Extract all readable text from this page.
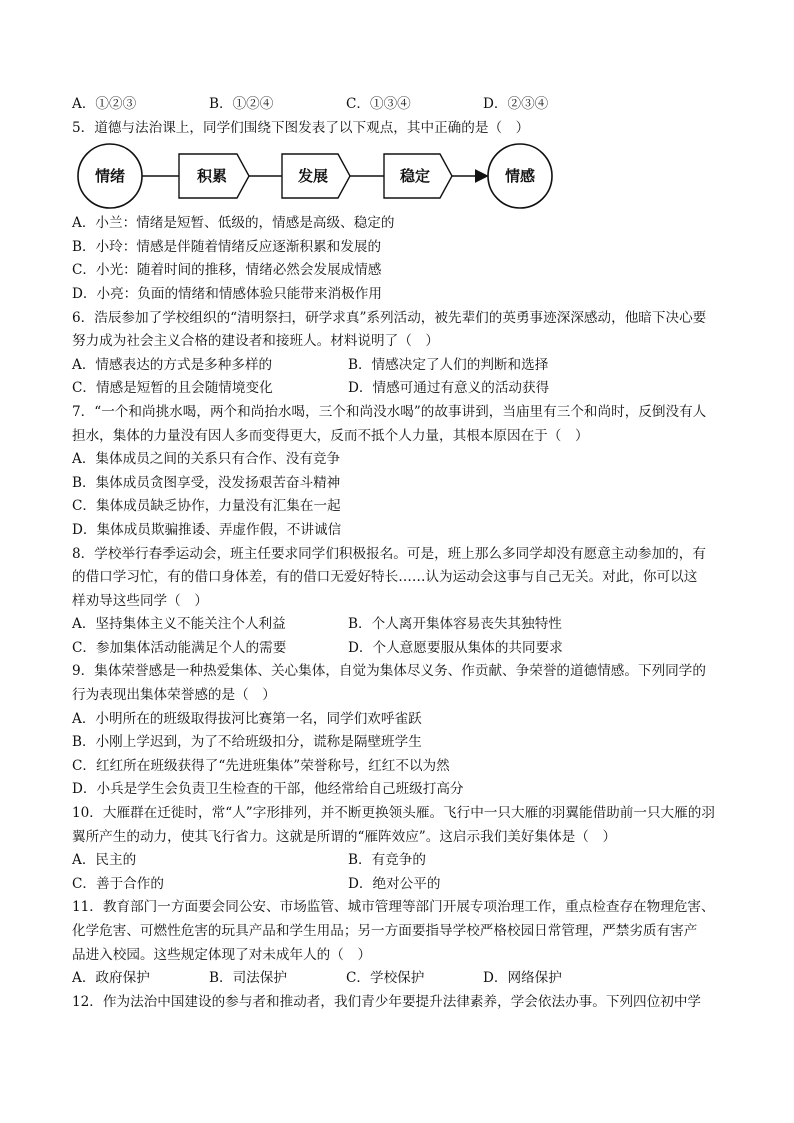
A．①②③	B．①②④	C．①③④	D．②③④
5．道德与法治课上，同学们围绕下图发表了以下观点，其中正确的是（　）
情绪	积累	发展	稳定	情感
A．小兰：情绪是短暂、低级的，情感是高级、稳定的
B．小玲：情感是伴随着情绪反应逐渐积累和发展的
C．小光：随着时间的推移，情绪必然会发展成情感
D．小亮：负面的情绪和情感体验只能带来消极作用
6．浩辰参加了学校组织的“清明祭扫，研学求真”系列活动，被先辈们的英勇事迹深深感动，他暗下决心要
努力成为社会主义合格的建设者和接班人。材料说明了（　）
A．情感表达的方式是多种多样的	B．情感决定了人们的判断和选择
C．情感是短暂的且会随情境变化	D．情感可通过有意义的活动获得
7．“一个和尚挑水喝，两个和尚抬水喝，三个和尚没水喝”的故事讲到，当庙里有三个和尚时，反倒没有人
担水，集体的力量没有因人多而变得更大，反而不抵个人力量，其根本原因在于（　）
A．集体成员之间的关系只有合作、没有竞争
B．集体成员贪图享受，没发扬艰苦奋斗精神
C．集体成员缺乏协作，力量没有汇集在一起
D．集体成员欺骗推诿、弄虚作假，不讲诚信
8．学校举行春季运动会，班主任要求同学们积极报名。可是，班上那么多同学却没有愿意主动参加的，有
的借口学习忙，有的借口身体差，有的借口无爱好特长……认为运动会这事与自己无关。对此，你可以这
样劝导这些同学（　）
A．坚持集体主义不能关注个人利益	B．个人离开集体容易丧失其独特性
C．参加集体活动能满足个人的需要	D．个人意愿要服从集体的共同要求
9．集体荣誉感是一种热爱集体、关心集体，自觉为集体尽义务、作贡献、争荣誉的道德情感。下列同学的
行为表现出集体荣誉感的是（　）
A．小明所在的班级取得拔河比赛第一名，同学们欢呼雀跃
B．小刚上学迟到，为了不给班级扣分，谎称是隔壁班学生
C．红红所在班级获得了“先进班集体”荣誉称号，红红不以为然
D．小兵是学生会负责卫生检查的干部，他经常给自己班级打高分
10．大雁群在迁徙时，常“人”字形排列，并不断更换领头雁。飞行中一只大雁的羽翼能借助前一只大雁的羽
翼所产生的动力，使其飞行省力。这就是所谓的“雁阵效应”。这启示我们美好集体是（　）
A．民主的	B．有竞争的
C．善于合作的	D．绝对公平的
11．教育部门一方面要会同公安、市场监管、城市管理等部门开展专项治理工作，重点检查存在物理危害、
化学危害、可燃性危害的玩具产品和学生用品；另一方面要指导学校严格校园日常管理，严禁劣质有害产
品进入校园。这些规定体现了对未成年人的（　）
A．政府保护	B．司法保护	C．学校保护	D．网络保护
12．作为法治中国建设的参与者和推动者，我们青少年要提升法律素养，学会依法办事。下列四位初中学
